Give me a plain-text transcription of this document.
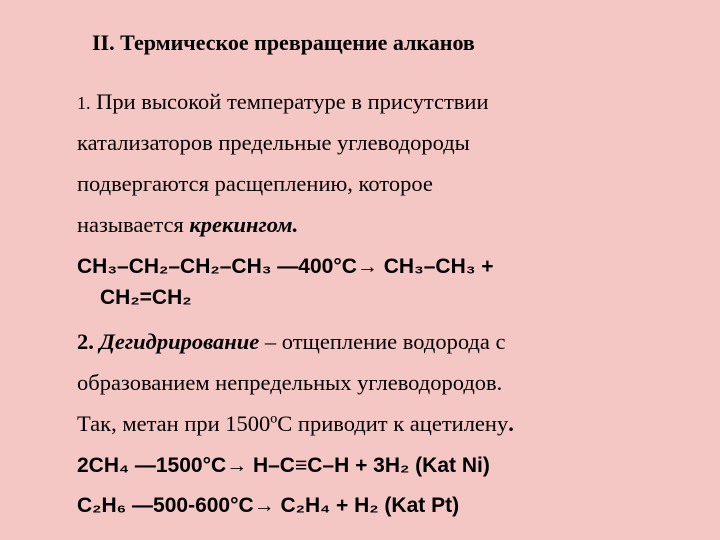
II. Термическое превращение алканов
1. При высокой температуре в присутствии
катализаторов предельные углеводороды
подвергаются расщеплению, которое
называется крекингом.
CH₃–CH₂–CH₂–CH₃ —400°C→ CH₃–CH₃ +
CH₂=CH₂
2. Дегидрирование – отщепление водорода с
образованием непредельных углеводородов.
Так, метан при 1500ºС приводит к ацетилену.
2CH₄ —1500°C→ H–C≡C–H + 3H₂ (Kat Ni)
C₂H₆ —500-600°C→ C₂H₄ + H₂ (Kat Pt)
